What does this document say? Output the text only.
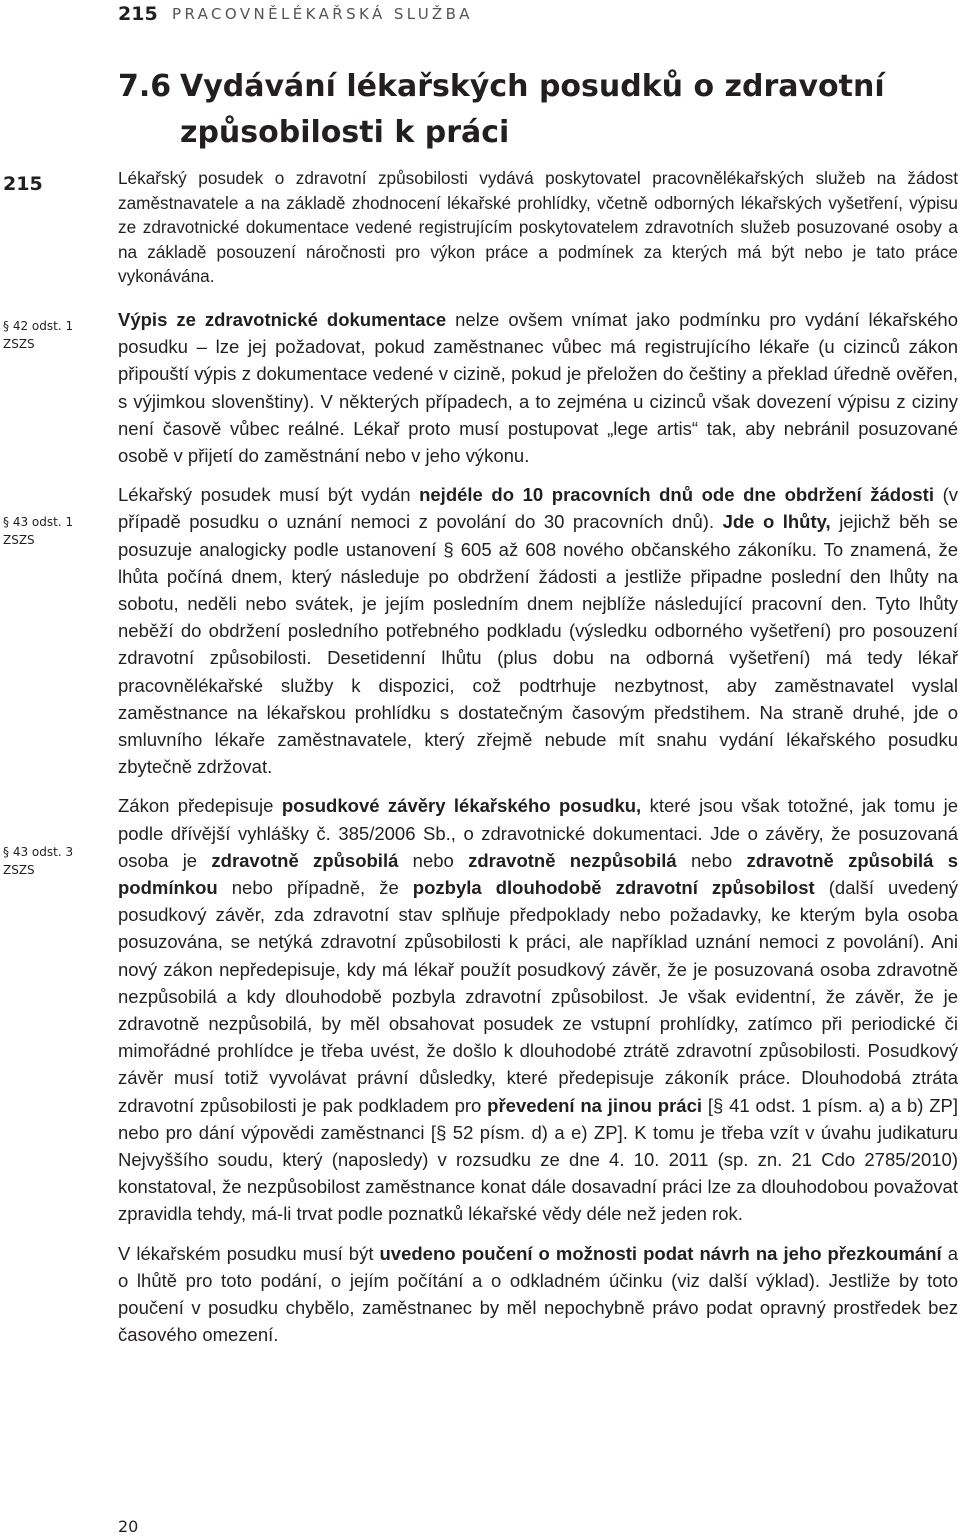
215 PRACOVNĚLÉKAŘSKÁ SLUŽBA
7.6 Vydávání lékařských posudků o zdravotní
způsobilosti k práci
215
§ 42 odst. 1
ZSZS
§ 43 odst. 1
ZSZS
§ 43 odst. 3
ZSZS

Lékařský posudek o zdravotní způsobilosti vydává poskytovatel pracovnělékařských služeb na žádost zaměstnavatele a na základě zhodnocení lékařské prohlídky, včetně odborných lékařských vyšetření, výpisu ze zdravotnické dokumentace vedené registrujícím poskytovatelem zdravotních služeb posuzované osoby a na základě posouzení náročnosti pro výkon práce a podmínek za kterých má být nebo je tato práce vykonávána.

Výpis ze zdravotnické dokumentace nelze ovšem vnímat jako podmínku pro vydání lékařského posudku – lze jej požadovat, pokud zaměstnanec vůbec má registrujícího lékaře (u cizinců zákon připouští výpis z dokumentace vedené v cizině, pokud je přeložen do češtiny a překlad úředně ověřen, s výjimkou slovenštiny). V některých případech, a to zejména u cizinců však dovezení výpisu z ciziny není časově vůbec reálné. Lékař proto musí postupovat „lege artis“ tak, aby nebránil posuzované osobě v přijetí do zaměstnání nebo v jeho výkonu.

Lékařský posudek musí být vydán nejdéle do 10 pracovních dnů ode dne obdržení žádosti (v případě posudku o uznání nemoci z povolání do 30 pracovních dnů). Jde o lhůty, jejichž běh se posuzuje analogicky podle ustanovení § 605 až 608 nového občanského zákoníku. To znamená, že lhůta počíná dnem, který následuje po obdržení žádosti a jestliže připadne poslední den lhůty na sobotu, neděli nebo svátek, je jejím posledním dnem nejblíže následující pracovní den. Tyto lhůty neběží do obdržení posledního potřebného podkladu (výsledku odborného vyšetření) pro posouzení zdravotní způsobilosti. Desetidenní lhůtu (plus dobu na odborná vyšetření) má tedy lékař pracovnělékařské služby k dispozici, což podtrhuje nezbytnost, aby zaměstnavatel vyslal zaměstnance na lékařskou prohlídku s dostatečným časovým předstihem. Na straně druhé, jde o smluvního lékaře zaměstnavatele, který zřejmě nebude mít snahu vydání lékařského posudku zbytečně zdržovat.

Zákon předepisuje posudkové závěry lékařského posudku, které jsou však totožné, jak tomu je podle dřívější vyhlášky č. 385/2006 Sb., o zdravotnické dokumentaci. Jde o závěry, že posuzovaná osoba je zdravotně způsobilá nebo zdravotně nezpůsobilá nebo zdravotně způsobilá s podmínkou nebo případně, že pozbyla dlouhodobě zdravotní způsobilost (další uvedený posudkový závěr, zda zdravotní stav splňuje předpoklady nebo požadavky, ke kterým byla osoba posuzována, se netýká zdravotní způsobilosti k práci, ale například uznání nemoci z povolání). Ani nový zákon nepředepisuje, kdy má lékař použít posudkový závěr, že je posuzovaná osoba zdravotně nezpůsobilá a kdy dlouhodobě pozbyla zdravotní způsobilost. Je však evidentní, že závěr, že je zdravotně nezpůsobilá, by měl obsahovat posudek ze vstupní prohlídky, zatímco při periodické či mimořádné prohlídce je třeba uvést, že došlo k dlouhodobé ztrátě zdravotní způsobilosti. Posudkový závěr musí totiž vyvolávat právní důsledky, které předepisuje zákoník práce. Dlouhodobá ztráta zdravotní způsobilosti je pak podkladem pro převedení na jinou práci [§ 41 odst. 1 písm. a) a b) ZP] nebo pro dání výpovědi zaměstnanci [§ 52 písm. d) a e) ZP]. K tomu je třeba vzít v úvahu judikaturu Nejvyššího soudu, který (naposledy) v rozsudku ze dne 4. 10. 2011 (sp. zn. 21 Cdo 2785/2010) konstatoval, že nezpůsobilost zaměstnance konat dále dosavadní práci lze za dlouhodobou považovat zpravidla tehdy, má-li trvat podle poznatků lékařské vědy déle než jeden rok.

V lékařském posudku musí být uvedeno poučení o možnosti podat návrh na jeho přezkoumání a o lhůtě pro toto podání, o jejím počítání a o odkladném účinku (viz další výklad). Jestliže by toto poučení v posudku chybělo, zaměstnanec by měl nepochybně právo podat opravný prostředek bez časového omezení.

20
